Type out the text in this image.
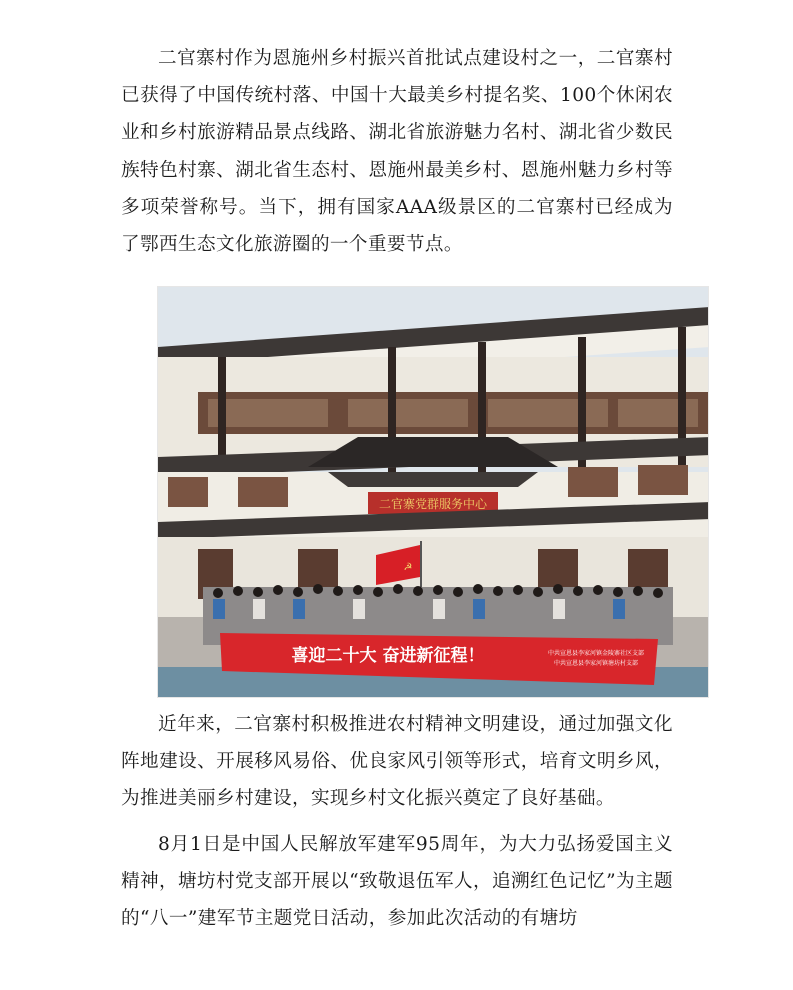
二官寨村作为恩施州乡村振兴首批试点建设村之一，二官寨村已获得了中国传统村落、中国十大最美乡村提名奖、100个休闲农业和乡村旅游精品景点线路、湖北省旅游魅力名村、湖北省少数民族特色村寨、湖北省生态村、恩施州最美乡村、恩施州魅力乡村等多项荣誉称号。当下，拥有国家AAA级景区的二官寨村已经成为了鄂西生态文化旅游圈的一个重要节点。

二官寨党群服务中心
☭
喜迎二十大 奋进新征程！	中共宣恩县李家河镇金陵寨社区支部
中共宣恩县李家河镇塘坊村支部

近年来，二官寨村积极推进农村精神文明建设，通过加强文化阵地建设、开展移风易俗、优良家风引领等形式，培育文明乡风，为推进美丽乡村建设，实现乡村文化振兴奠定了良好基础。

8月1日是中国人民解放军建军95周年，为大力弘扬爱国主义精神，塘坊村党支部开展以“致敬退伍军人，追溯红色记忆”为主题的“八一”建军节主题党日活动，参加此次活动的有塘坊
